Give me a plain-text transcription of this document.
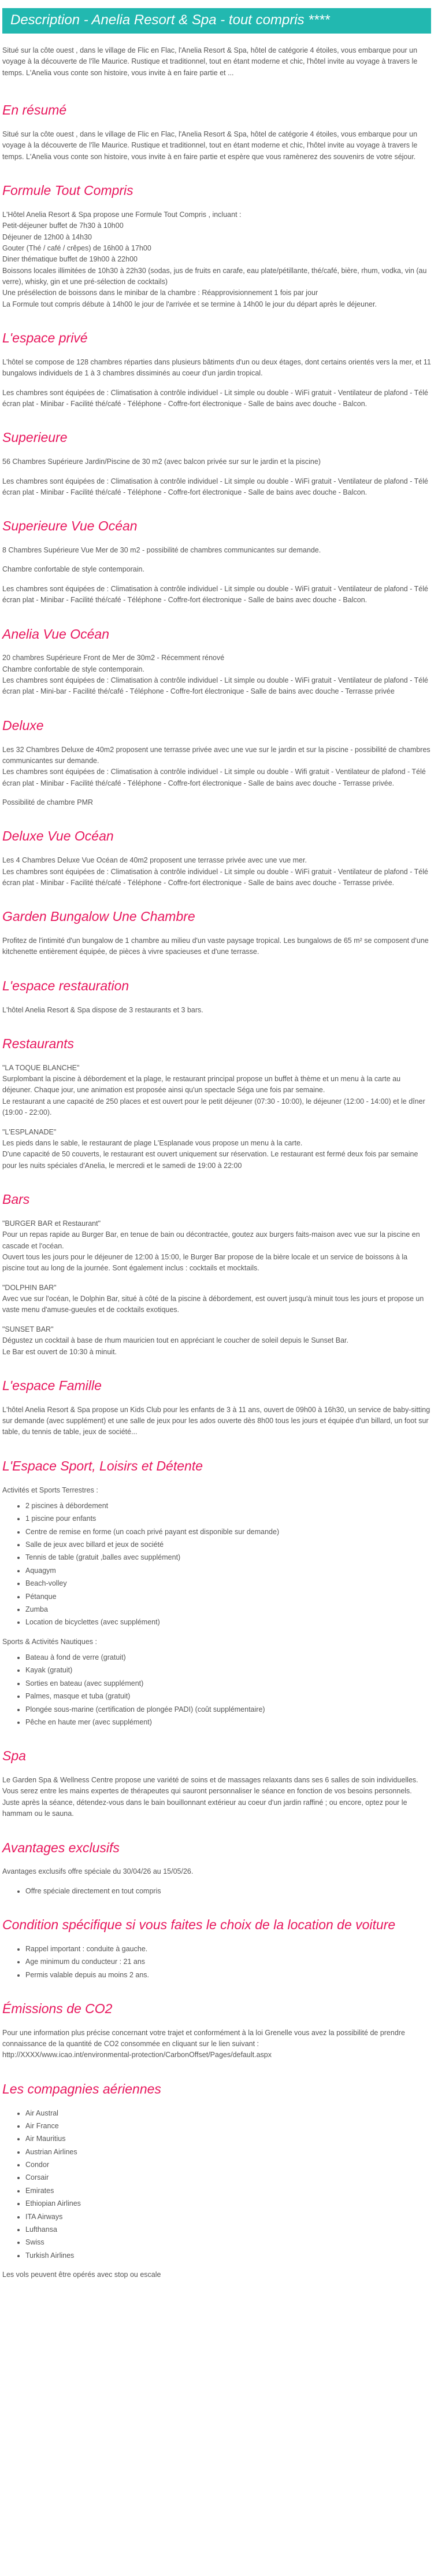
Description - Anelia Resort & Spa - tout compris ****

Situé sur la côte ouest , dans le village de Flic en Flac, l'Anelia Resort & Spa, hôtel de catégorie 4 étoiles, vous embarque pour un voyage à la découverte de l'île Maurice. Rustique et traditionnel, tout en étant moderne et chic, l'hôtel invite au voyage à travers le temps. L'Anelia vous conte son histoire, vous invite à en faire partie et ...

En résumé

Situé sur la côte ouest , dans le village de Flic en Flac, l'Anelia Resort & Spa, hôtel de catégorie 4 étoiles, vous embarque pour un voyage à la découverte de l'île Maurice. Rustique et traditionnel, tout en étant moderne et chic, l'hôtel invite au voyage à travers le temps. L'Anelia vous conte son histoire, vous invite à en faire partie et espère que vous ramènerez des souvenirs de votre séjour.

Formule Tout Compris

L'Hôtel Anelia Resort & Spa propose une Formule Tout Compris , incluant :
Petit-déjeuner buffet de 7h30 à 10h00
Déjeuner de 12h00 à 14h30
Gouter (Thé / café / crêpes) de 16h00 à 17h00
Diner thématique buffet de 19h00 à 22h00
Boissons locales illimitées de 10h30 à 22h30 (sodas, jus de fruits en carafe, eau plate/pétillante, thé/café, bière, rhum, vodka, vin (au verre), whisky, gin et une pré-sélection de cocktails)
Une présélection de boissons dans le minibar de la chambre : Réapprovisionnement 1 fois par jour
La Formule tout compris débute à 14h00 le jour de l'arrivée et se termine à 14h00 le jour du départ après le déjeuner.

L'espace privé

L'hôtel se compose de 128 chambres réparties dans plusieurs bâtiments d'un ou deux étages, dont certains orientés vers la mer, et 11 bungalows individuels de 1 à 3 chambres dissiminés au coeur d'un jardin tropical.

Les chambres sont équipées de : Climatisation à contrôle individuel - Lit simple ou double - WiFi gratuit - Ventilateur de plafond - Télé écran plat - Minibar - Facilité thé/café - Téléphone - Coffre-fort électronique - Salle de bains avec douche - Balcon.

Superieure

56 Chambres Supérieure Jardin/Piscine de 30 m2 (avec balcon privée sur sur le jardin et la piscine)

Les chambres sont équipées de : Climatisation à contrôle individuel - Lit simple ou double - WiFi gratuit - Ventilateur de plafond - Télé écran plat - Minibar - Facilité thé/café - Téléphone - Coffre-fort électronique - Salle de bains avec douche - Balcon.

Superieure Vue Océan

8 Chambres Supérieure Vue Mer de 30 m2 - possibilité de chambres communicantes sur demande.

Chambre confortable de style contemporain.

Les chambres sont équipées de : Climatisation à contrôle individuel - Lit simple ou double - WiFi gratuit - Ventilateur de plafond - Télé écran plat - Minibar - Facilité thé/café - Téléphone - Coffre-fort électronique - Salle de bains avec douche - Balcon.

Anelia Vue Océan

20 chambres Supérieure Front de Mer de 30m2 - Récemment rénové
Chambre confortable de style contemporain.
Les chambres sont équipées de : Climatisation à contrôle individuel - Lit simple ou double - WiFi gratuit - Ventilateur de plafond - Télé écran plat - Mini-bar - Facilité thé/café - Téléphone - Coffre-fort électronique - Salle de bains avec douche - Terrasse privée

Deluxe

Les 32 Chambres Deluxe de 40m2 proposent une terrasse privée avec une vue sur le jardin et sur la piscine - possibilité de chambres communicantes sur demande.
Les chambres sont équipées de : Climatisation à contrôle individuel - Lit simple ou double - Wifi gratuit - Ventilateur de plafond - Télé écran plat - Minibar - Facilité thé/café - Téléphone - Coffre-fort électronique - Salle de bains avec douche - Terrasse privée.

Possibilité de chambre PMR

Deluxe Vue Océan

Les 4 Chambres Deluxe Vue Océan de 40m2 proposent une terrasse privée avec une vue mer.
Les chambres sont équipées de : Climatisation à contrôle individuel - Lit simple ou double - WiFi gratuit - Ventilateur de plafond - Télé écran plat - Minibar - Facilité thé/café - Téléphone - Coffre-fort électronique - Salle de bains avec douche - Terrasse privée.

Garden Bungalow Une Chambre

Profitez de l'intimité d'un bungalow de 1 chambre au milieu d'un vaste paysage tropical. Les bungalows de 65 m² se composent d'une kitchenette entièrement équipée, de pièces à vivre spacieuses et d'une terrasse.

L'espace restauration

L'hôtel Anelia Resort & Spa dispose de 3 restaurants et 3 bars.

Restaurants

"LA TOQUE BLANCHE"
Surplombant la piscine à débordement et la plage, le restaurant principal propose un buffet à thème et un menu à la carte au déjeuner. Chaque jour, une animation est proposée ainsi qu'un spectacle Séga une fois par semaine.
Le restaurant a une capacité de 250 places et est ouvert pour le petit déjeuner (07:30 - 10:00), le déjeuner (12:00 - 14:00) et le dîner (19:00 - 22:00).

"L'ESPLANADE"
Les pieds dans le sable, le restaurant de plage L'Esplanade vous propose un menu à la carte.
D'une capacité de 50 couverts, le restaurant est ouvert uniquement sur réservation. Le restaurant est fermé deux fois par semaine pour les nuits spéciales d'Anelia, le mercredi et le samedi de 19:00 à 22:00

Bars

"BURGER BAR et Restaurant"
Pour un repas rapide au Burger Bar, en tenue de bain ou décontractée, goutez aux burgers faits-maison avec vue sur la piscine en cascade et l'océan.
Ouvert tous les jours pour le déjeuner de 12:00 à 15:00, le Burger Bar propose de la bière locale et un service de boissons à la piscine tout au long de la journée. Sont également inclus : cocktails et mocktails.

"DOLPHIN BAR"
Avec vue sur l'océan, le Dolphin Bar, situé à côté de la piscine à débordement, est ouvert jusqu'à minuit tous les jours et propose un vaste menu d'amuse-gueules et de cocktails exotiques.

"SUNSET BAR"
Dégustez un cocktail à base de rhum mauricien tout en appréciant le coucher de soleil depuis le Sunset Bar.
Le Bar est ouvert de 10:30 à minuit.

L'espace Famille

L'hôtel Anelia Resort & Spa propose un Kids Club pour les enfants de 3 à 11 ans, ouvert de 09h00 à 16h30, un service de baby-sitting sur demande (avec supplément) et une salle de jeux pour les ados ouverte dès 8h00 tous les jours et équipée d'un billard, un foot sur table, du tennis de table, jeux de société...

L'Espace Sport, Loisirs et Détente

Activités et Sports Terrestres :

• 2 piscines à débordement
• 1 piscine pour enfants
• Centre de remise en forme (un coach privé payant est disponible sur demande)
• Salle de jeux avec billard et jeux de société
• Tennis de table (gratuit ,balles avec supplément)
• Aquagym
• Beach-volley
• Pétanque
• Zumba
• Location de bicyclettes (avec supplément)

Sports & Activités Nautiques :

• Bateau à fond de verre (gratuit)
• Kayak (gratuit)
• Sorties en bateau (avec supplément)
• Palmes, masque et tuba (gratuit)
• Plongée sous-marine (certification de plongée PADI) (coût supplémentaire)
• Pêche en haute mer (avec supplément)
Spa

Le Garden Spa & Wellness Centre propose une variété de soins et de massages relaxants dans ses 6 salles de soin individuelles. Vous serez entre les mains expertes de thérapeutes qui sauront personnaliser le séance en fonction de vos besoins personnels.
Juste après la séance, détendez-vous dans le bain bouillonnant extérieur au coeur d'un jardin raffiné ; ou encore, optez pour le hammam ou le sauna.

Avantages exclusifs

Avantages exclusifs offre spéciale du 30/04/26 au 15/05/26.

• Offre spéciale directement en tout compris
Condition spécifique si vous faites le choix de la location de voiture
• Rappel important : conduite à gauche.
• Age minimum du conducteur : 21 ans
• Permis valable depuis au moins 2 ans.
Émissions de CO2

Pour une information plus précise concernant votre trajet et conformément à la loi Grenelle vous avez la possibilité de prendre connaissance de la quantité de CO2 consommée en cliquant sur le lien suivant :
http://XXXX/www.icao.int/environmental-protection/CarbonOffset/Pages/default.aspx

Les compagnies aériennes
• Air Austral
• Air France
• Air Mauritius
• Austrian Airlines
• Condor
• Corsair
• Emirates
• Ethiopian Airlines
• ITA Airways
• Lufthansa
• Swiss
• Turkish Airlines

Les vols peuvent être opérés avec stop ou escale
